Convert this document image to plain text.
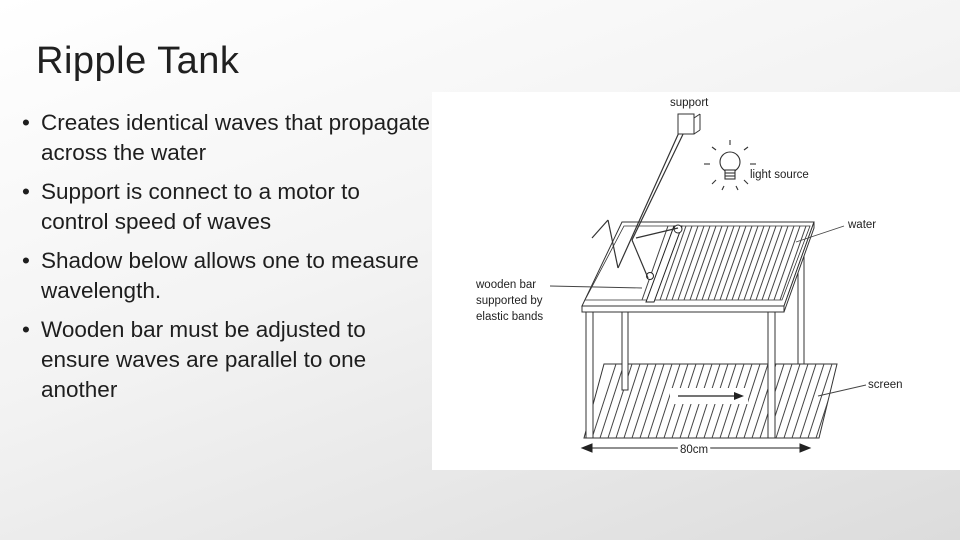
Ripple Tank
• Creates identical waves that propagate across the water
• Support is connect to a motor to control speed of waves
• Shadow below allows one to measure wavelength.
• Wooden bar must be adjusted to ensure waves are parallel to one another
support
light source
water
wooden bar
supported by
elastic bands
screen
80cm
